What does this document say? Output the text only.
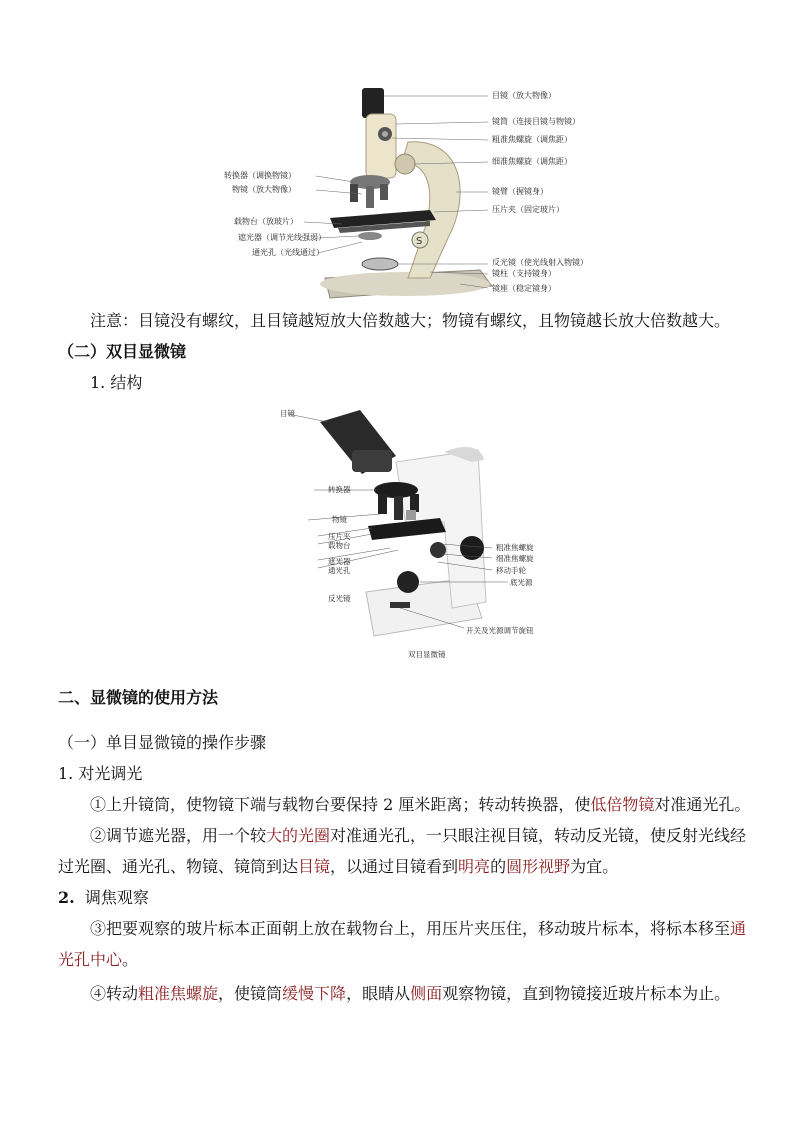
S
目镜（放大物像）
镜筒（连接目镜与物镜）
粗准焦螺旋（调焦距）
细准焦螺旋（调焦距）
镜臂（握镜身）
压片夹（固定玻片）
反光镜（使光线射入物镜）
镜柱（支持镜身）
镜座（稳定镜身）
转换器（调换物镜）
物镜（放大物像）
载物台（放玻片）
遮光器（调节光线强弱）
通光孔（光线通过）
注意：目镜没有螺纹，且目镜越短放大倍数越大；物镜有螺纹，且物镜越长放大倍数越大。
（二）双目显微镜
1. 结构
目镜
转换器
物镜
压片夹
载物台
遮光器
通光孔
反光镜
粗准焦螺旋
细准焦螺旋
移动手轮
底光源
开关及光源调节旋钮
双目显微镜
二、显微镜的使用方法
（一）单目显微镜的操作步骤
1. 对光调光
①上升镜筒，使物镜下端与载物台要保持 2 厘米距离；转动转换器，使低倍物镜对准通光孔。
②调节遮光器，用一个较大的光圈对准通光孔，一只眼注视目镜，转动反光镜，使反射光线经
过光圈、通光孔、物镜、镜筒到达目镜，以通过目镜看到明亮的圆形视野为宜。
2. 调焦观察
③把要观察的玻片标本正面朝上放在载物台上，用压片夹压住，移动玻片标本，将标本移至通
光孔中心。
④转动粗准焦螺旋，使镜筒缓慢下降，眼睛从侧面观察物镜，直到物镜接近玻片标本为止。
